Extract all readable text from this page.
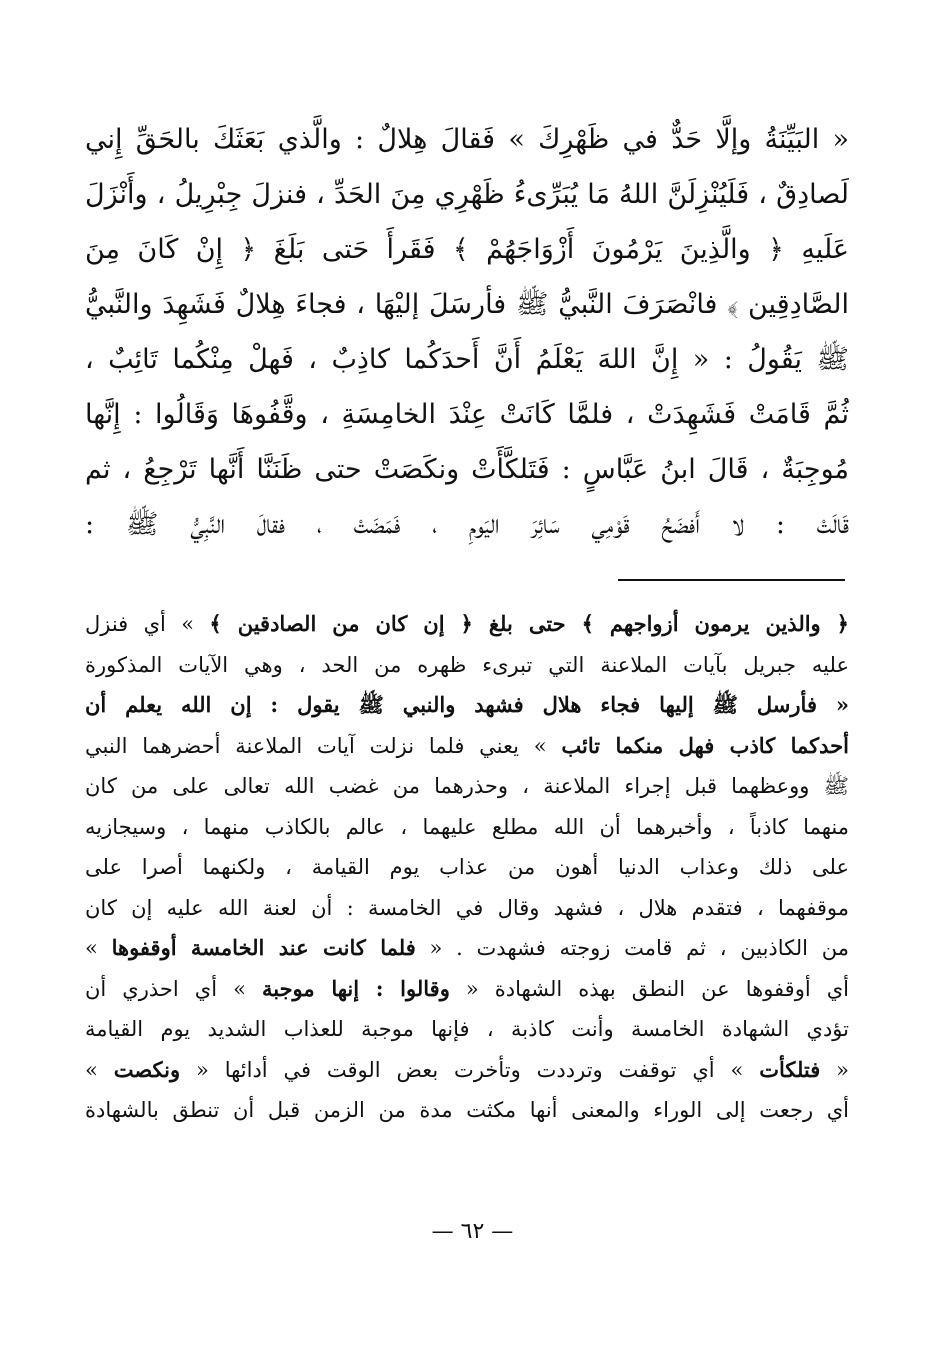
« البَيِّنَةُ وإلَّا حَدٌّ في ظَهْرِكَ » فَقالَ هِلالٌ : والَّذي بَعَثَكَ بالحَقِّ إِني
لَصادِقٌ ، فَلَيُنْزِلَنَّ اللهُ مَا يُبَرِّىءُ ظَهْرِي مِنَ الحَدِّ ، فنزلَ جِبْرِيلُ ، وأَنْزَلَ
عَلَيهِ ﴿ والَّذِينَ يَرْمُونَ أَزْوَاجَهُمْ ﴾ فَقَرأَ حَتى بَلَغَ ﴿ إِنْ كَانَ مِنَ
الصَّادِقِين ﴾ فانْصَرَفَ النَّبيُّ ﷺ فأرسَلَ إليْهَا ، فجاءَ هِلالٌ فَشَهِدَ والنَّبيُّ
ﷺ يَقُولُ : « إِنَّ اللهَ يَعْلَمُ أَنَّ أَحدَكُما كاذِبٌ ، فَهلْ مِنْكُما تَائِبٌ ،
ثُمَّ قَامَتْ فَشَهِدَتْ ، فلمَّا كَانَتْ عِنْدَ الخامِسَةِ ، وقَّفُوهَا وَقَالُوا : إِنَّها
مُوجِبَةٌ ، قَالَ ابنُ عَبَّاسٍ : فَتَلكَّأَتْ ونكَصَتْ حتى ظَنَنَّا أَنَّها تَرْجِعُ ، ثم
قَالَتْ : لا أَفضَحُ قَوْمِي سَائِرَ اليَومِ ، فَمَضَتْ ، فقالَ النَّبِيُّ ﷺ :
﴿ والذين يرمون أزواجهم ﴾ حتى بلغ ﴿ إن كان من الصادقين ﴾ » أي فنزل
عليه جبريل بآيات الملاعنة التي تبرىء ظهره من الحد ، وهي الآيات المذكورة
« فأرسل ﷺ إليها فجاء هلال فشهد والنبي ﷺ يقول : إن الله يعلم أن
أحدكما كاذب فهل منكما تائب » يعني فلما نزلت آيات الملاعنة أحضرهما النبي
ﷺ ووعظهما قبل إجراء الملاعنة ، وحذرهما من غضب الله تعالى على من كان
منهما كاذباً ، وأخبرهما أن الله مطلع عليهما ، عالم بالكاذب منهما ، وسيجازيه
على ذلك وعذاب الدنيا أهون من عذاب يوم القيامة ، ولكنهما أصرا على
موقفهما ، فتقدم هلال ، فشهد وقال في الخامسة : أن لعنة الله عليه إن كان
من الكاذبين ، ثم قامت زوجته فشهدت . « فلما كانت عند الخامسة أوقفوها »
أي أوقفوها عن النطق بهذه الشهادة « وقالوا : إنها موجبة » أي احذري أن
تؤدي الشهادة الخامسة وأنت كاذبة ، فإنها موجبة للعذاب الشديد يوم القيامة
« فتلكأت » أي توقفت وترددت وتأخرت بعض الوقت في أدائها « ونكصت »
أي رجعت إلى الوراء والمعنى أنها مكثت مدة من الزمن قبل أن تنطق بالشهادة
— ٦٢ —
